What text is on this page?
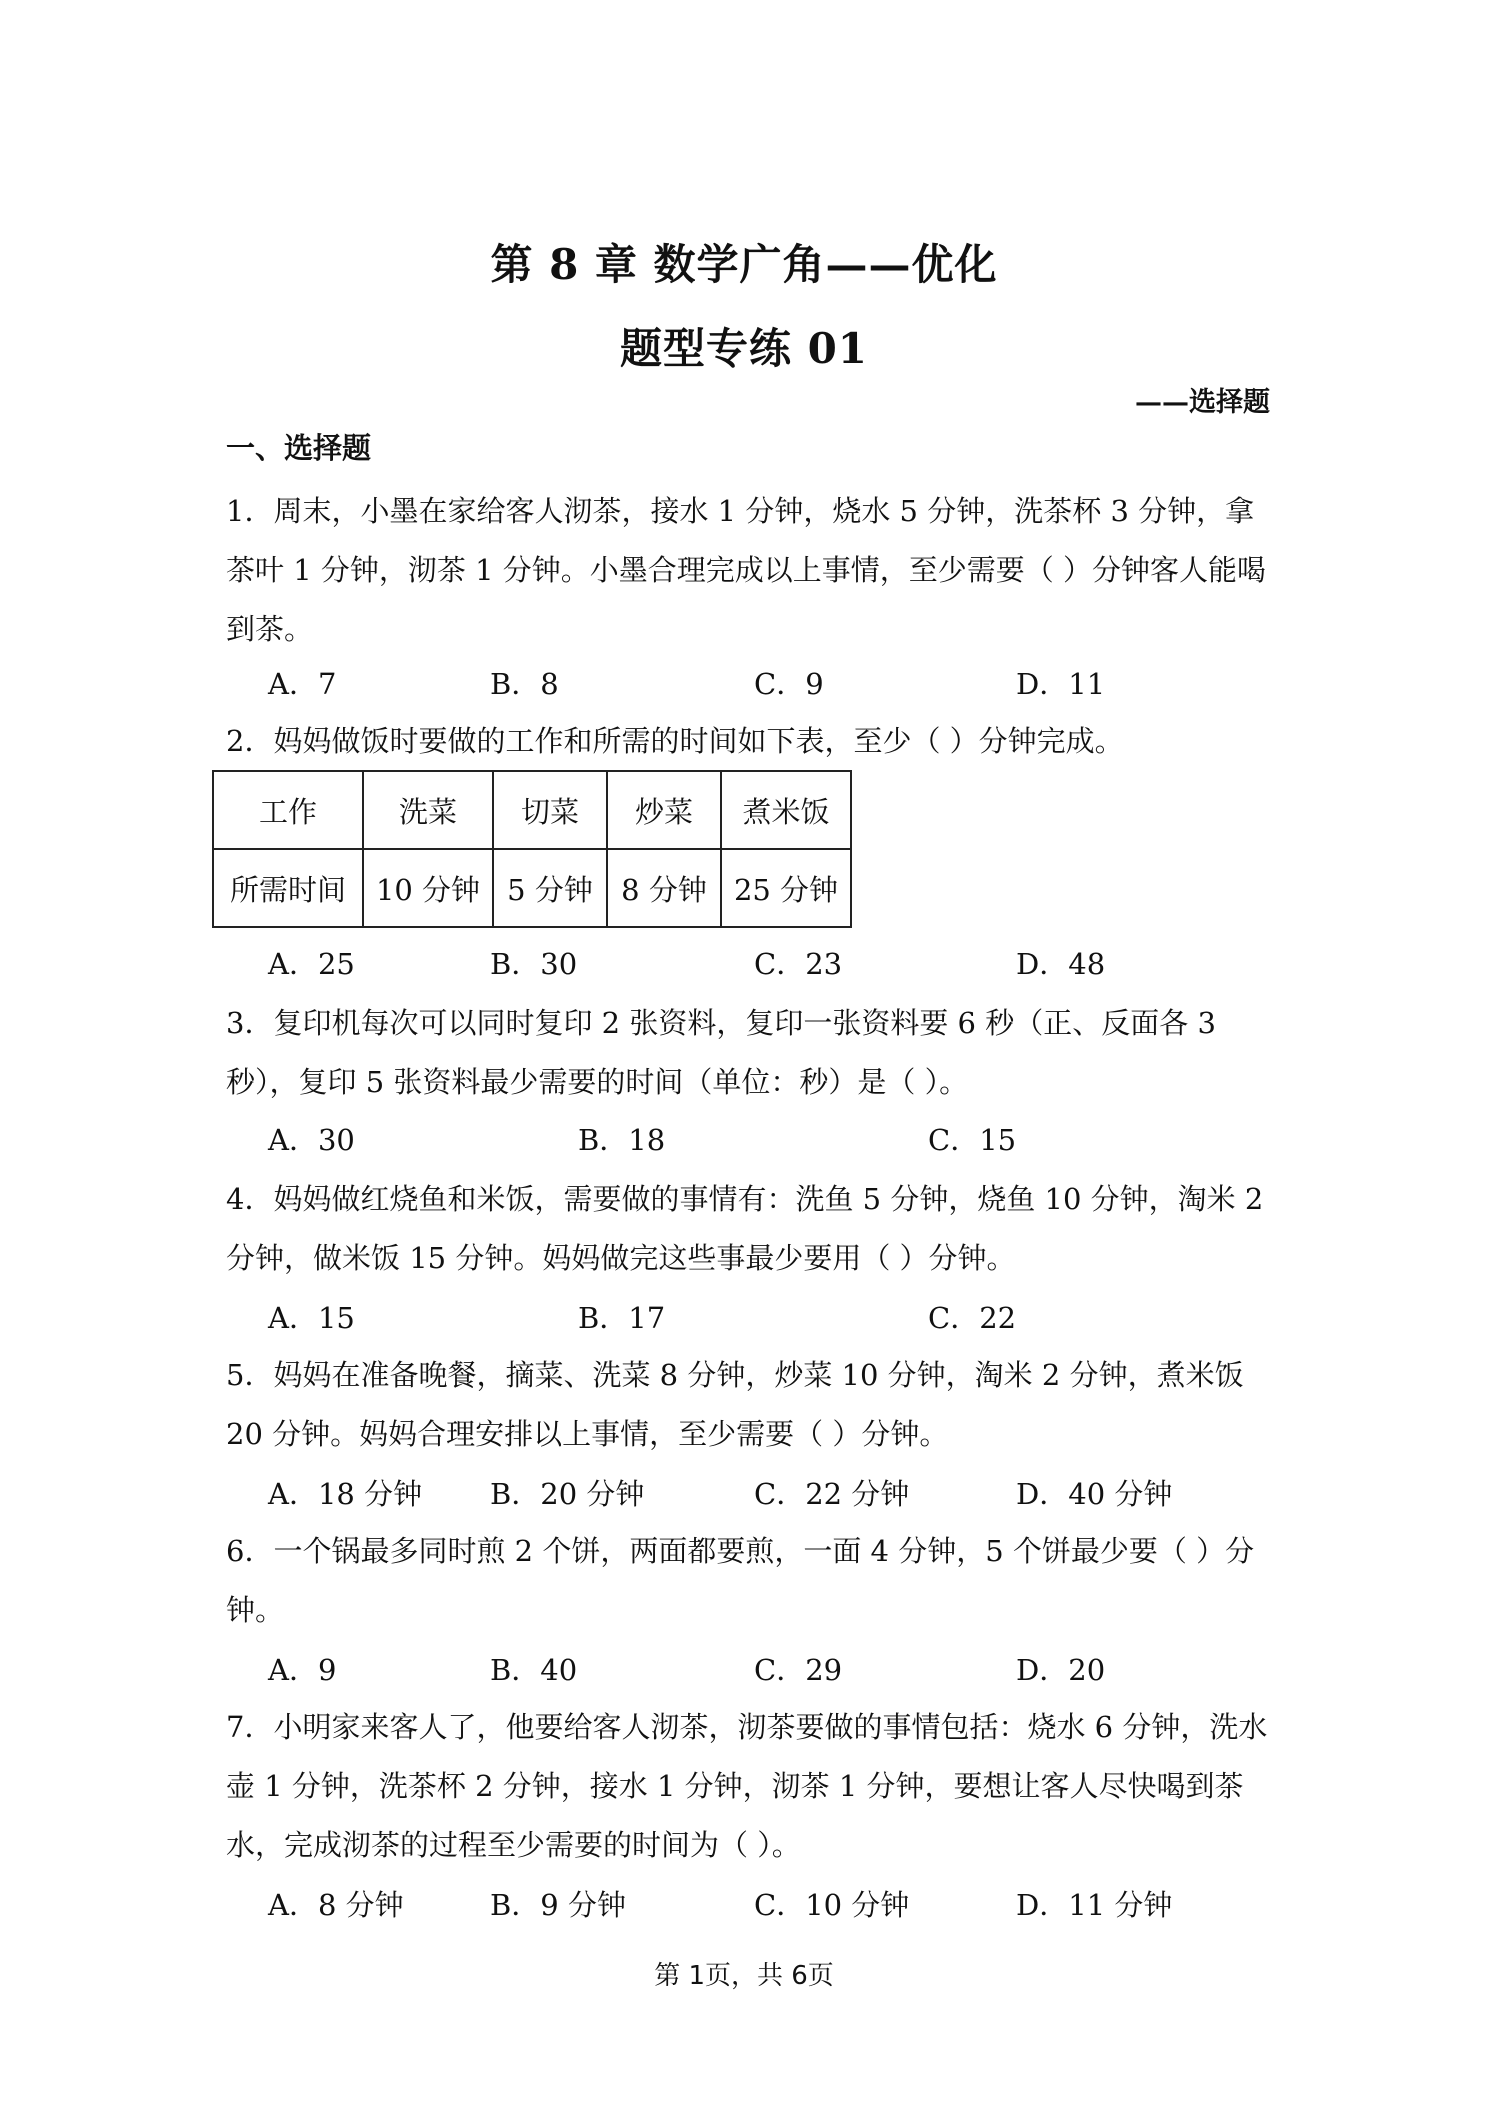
第 8 章 数学广角——优化
题型专练 01
——选择题
一、选择题
1．周末，小墨在家给客人沏茶，接水 1 分钟，烧水 5 分钟，洗茶杯 3 分钟，拿茶叶 1 分钟，沏茶 1 分钟。小墨合理完成以上事情，至少需要（ ）分钟客人能喝到茶。
A．7	B．8	C．9	D．11
2．妈妈做饭时要做的工作和所需的时间如下表，至少（ ）分钟完成。
工作	洗菜	切菜	炒菜	煮米饭
所需时间	10 分钟	5 分钟	8 分钟	25 分钟
A．25	B．30	C．23	D．48
3．复印机每次可以同时复印 2 张资料，复印一张资料要 6 秒（正、反面各 3 秒），复印 5 张资料最少需要的时间（单位：秒）是（ ）。
A．30	B．18	C．15
4．妈妈做红烧鱼和米饭，需要做的事情有：洗鱼 5 分钟，烧鱼 10 分钟，淘米 2 分钟，做米饭 15 分钟。妈妈做完这些事最少要用（ ）分钟。
A．15	B．17	C．22
5．妈妈在准备晚餐，摘菜、洗菜 8 分钟，炒菜 10 分钟，淘米 2 分钟，煮米饭 20 分钟。妈妈合理安排以上事情，至少需要（ ）分钟。
A．18 分钟 B．20 分钟	C．22 分钟	D．40 分钟
6．一个锅最多同时煎 2 个饼，两面都要煎，一面 4 分钟，5 个饼最少要（ ）分钟。
A．9	B．40	C．29	D．20
7．小明家来客人了，他要给客人沏茶，沏茶要做的事情包括：烧水 6 分钟，洗水壶 1 分钟，洗茶杯 2 分钟，接水 1 分钟，沏茶 1 分钟，要想让客人尽快喝到茶水，完成沏茶的过程至少需要的时间为（ ）。
A．8 分钟	B．9 分钟	C．10 分钟	D．11 分钟
第 1页，共 6页
